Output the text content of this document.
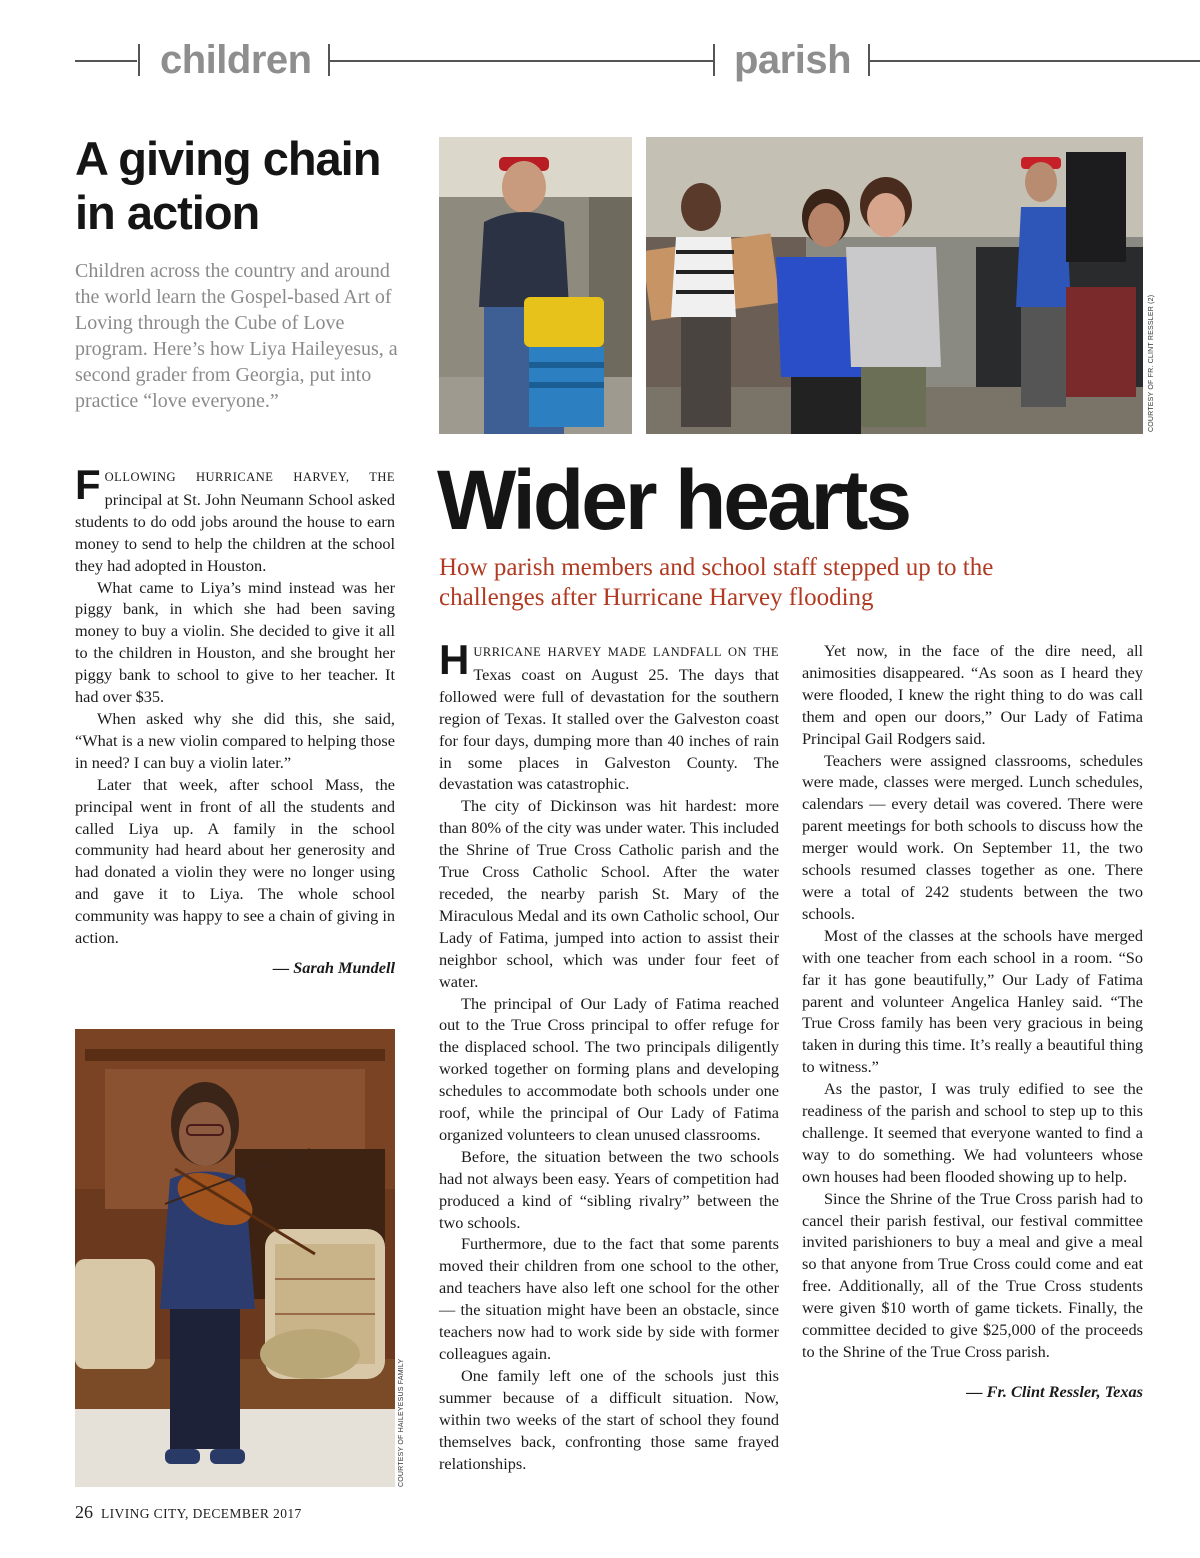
children	parish
A giving chain
in action
Children across the country and around the world learn the Gospel-based Art of Loving through the Cube of Love program. Here’s how Liya Haileyesus, a second grader from Georgia, put into practice “love everyone.”

FOLLOWING HURRICANE HARVEY, THE principal at St. John Neumann School asked students to do odd jobs around the house to earn money to send to help the children at the school they had adopted in Houston.

What came to Liya’s mind instead was her piggy bank, in which she had been saving money to buy a violin. She decided to give it all to the children in Houston, and she brought her piggy bank to school to give to her teacher. It had over $35.

When asked why she did this, she said, “What is a new violin compared to helping those in need? I can buy a violin later.”

Later that week, after school Mass, the principal went in front of all the students and called Liya up. A family in the school community had heard about her generosity and had donated a violin they were no longer using and gave it to Liya. The whole school community was happy to see a chain of giving in action.

— Sarah Mundell
COURTESY OF HAILEYESUS FAMILY
COURTESY OF FR. CLINT RESSLER (2)
Wider hearts
How parish members and school staff stepped up to the challenges after Hurricane Harvey flooding

HURRICANE HARVEY MADE LANDFALL ON THE Texas coast on August 25. The days that followed were full of devastation for the southern region of Texas. It stalled over the Galveston coast for four days, dumping more than 40 inches of rain in some places in Galveston County. The devastation was catastrophic.

The city of Dickinson was hit hardest: more than 80% of the city was under water. This included the Shrine of True Cross Catholic parish and the True Cross Catholic School. After the water receded, the nearby parish St. Mary of the Miraculous Medal and its own Catholic school, Our Lady of Fatima, jumped into action to assist their neighbor school, which was under four feet of water.

The principal of Our Lady of Fatima reached out to the True Cross principal to offer refuge for the displaced school. The two principals diligently worked together on forming plans and developing schedules to accommodate both schools under one roof, while the principal of Our Lady of Fatima organized volunteers to clean unused classrooms.

Before, the situation between the two schools had not always been easy. Years of competition had produced a kind of “sibling rivalry” between the two schools.

Furthermore, due to the fact that some parents moved their children from one school to the other, and teachers have also left one school for the other — the situation might have been an obstacle, since teachers now had to work side by side with former colleagues again.

One family left one of the schools just this summer because of a difficult situation. Now, within two weeks of the start of school they found themselves back, confronting those same frayed relationships.

Yet now, in the face of the dire need, all animosities disappeared. “As soon as I heard they were flooded, I knew the right thing to do was call them and open our doors,” Our Lady of Fatima Principal Gail Rodgers said.

Teachers were assigned classrooms, schedules were made, classes were merged. Lunch schedules, calendars — every detail was covered. There were parent meetings for both schools to discuss how the merger would work. On September 11, the two schools resumed classes together as one. There were a total of 242 students between the two schools.

Most of the classes at the schools have merged with one teacher from each school in a room. “So far it has gone beautifully,” Our Lady of Fatima parent and volunteer Angelica Hanley said. “The True Cross family has been very gracious in being taken in during this time. It’s really a beautiful thing to witness.”

As the pastor, I was truly edified to see the readiness of the parish and school to step up to this challenge. It seemed that everyone wanted to find a way to do something. We had volunteers whose own houses had been flooded showing up to help.

Since the Shrine of the True Cross parish had to cancel their parish festival, our festival committee invited parishioners to buy a meal and give a meal so that anyone from True Cross could come and eat free. Additionally, all of the True Cross students were given $10 worth of game tickets. Finally, the committee decided to give $25,000 of the proceeds to the Shrine of the True Cross parish.

— Fr. Clint Ressler, Texas
26 LIVING CITY, DECEMBER 2017
